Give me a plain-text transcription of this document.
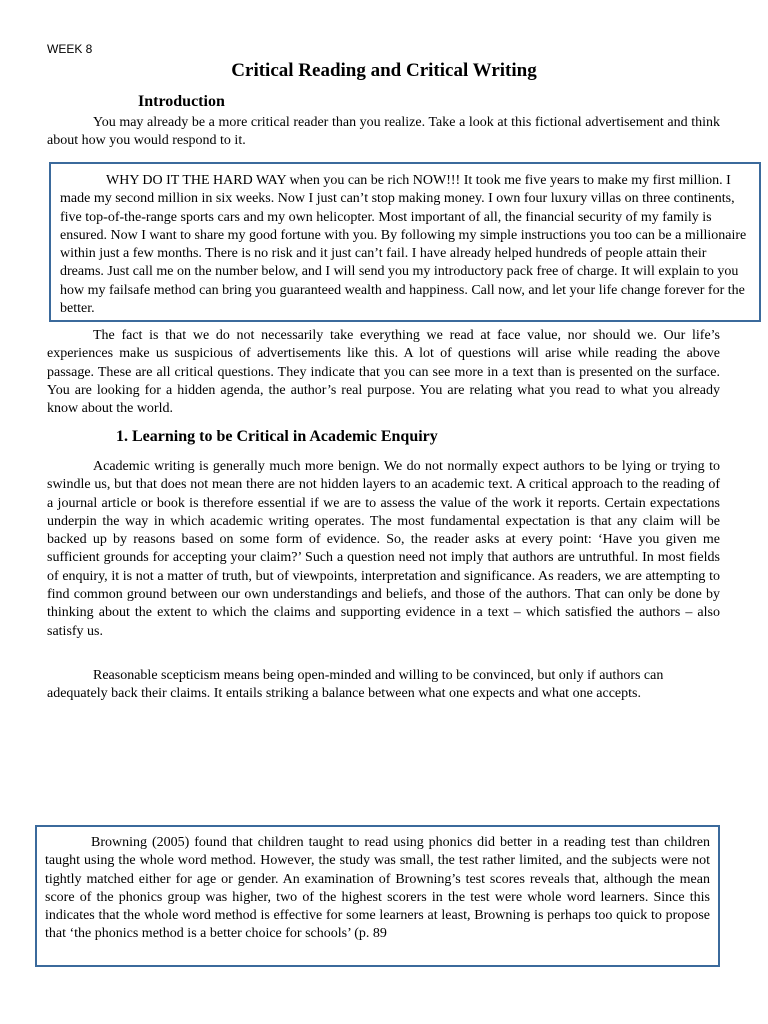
WEEK 8
Critical Reading and Critical Writing
Introduction

You may already be a more critical reader than you realize. Take a look at this fictional advertisement and think about how you would respond to it.

WHY DO IT THE HARD WAY when you can be rich NOW!!! It took me five years to make my first million. I made my second million in six weeks. Now I just can’t stop making money. I own four luxury villas on three continents, five top-of-the-range sports cars and my own helicopter. Most important of all, the financial security of my family is ensured. Now I want to share my good fortune with you. By following my simple instructions you too can be a millionaire within just a few months. There is no risk and it just can’t fail. I have already helped hundreds of people attain their dreams. Just call me on the number below, and I will send you my introductory pack free of charge. It will explain to you how my failsafe method can bring you guaranteed wealth and happiness. Call now, and let your life change forever for the better.

The fact is that we do not necessarily take everything we read at face value, nor should we. Our life’s experiences make us suspicious of advertisements like this. A lot of questions will arise while reading the above passage. These are all critical questions. They indicate that you can see more in a text than is presented on the surface. You are looking for a hidden agenda, the author’s real purpose. You are relating what you read to what you already know about the world.

1. Learning to be Critical in Academic Enquiry

Academic writing is generally much more benign. We do not normally expect authors to be lying or trying to swindle us, but that does not mean there are not hidden layers to an academic text. A critical approach to the reading of a journal article or book is therefore essential if we are to assess the value of the work it reports. Certain expectations underpin the way in which academic writing operates. The most fundamental expectation is that any claim will be backed up by reasons based on some form of evidence. So, the reader asks at every point: ‘Have you given me sufficient grounds for accepting your claim?’ Such a question need not imply that authors are untruthful. In most fields of enquiry, it is not a matter of truth, but of viewpoints, interpretation and significance. As readers, we are attempting to find common ground between our own understandings and beliefs, and those of the authors. That can only be done by thinking about the extent to which the claims and supporting evidence in a text – which satisfied the authors – also satisfy us.

Reasonable scepticism means being open-minded and willing to be convinced, but only if authors can adequately back their claims. It entails striking a balance between what one expects and what one accepts.

Browning (2005) found that children taught to read using phonics did better in a reading test than children taught using the whole word method. However, the study was small, the test rather limited, and the subjects were not tightly matched either for age or gender. An examination of Browning’s test scores reveals that, although the mean score of the phonics group was higher, two of the highest scorers in the test were whole word learners. Since this indicates that the whole word method is effective for some learners at least, Browning is perhaps too quick to propose that ‘the phonics method is a better choice for schools’ (p. 89
